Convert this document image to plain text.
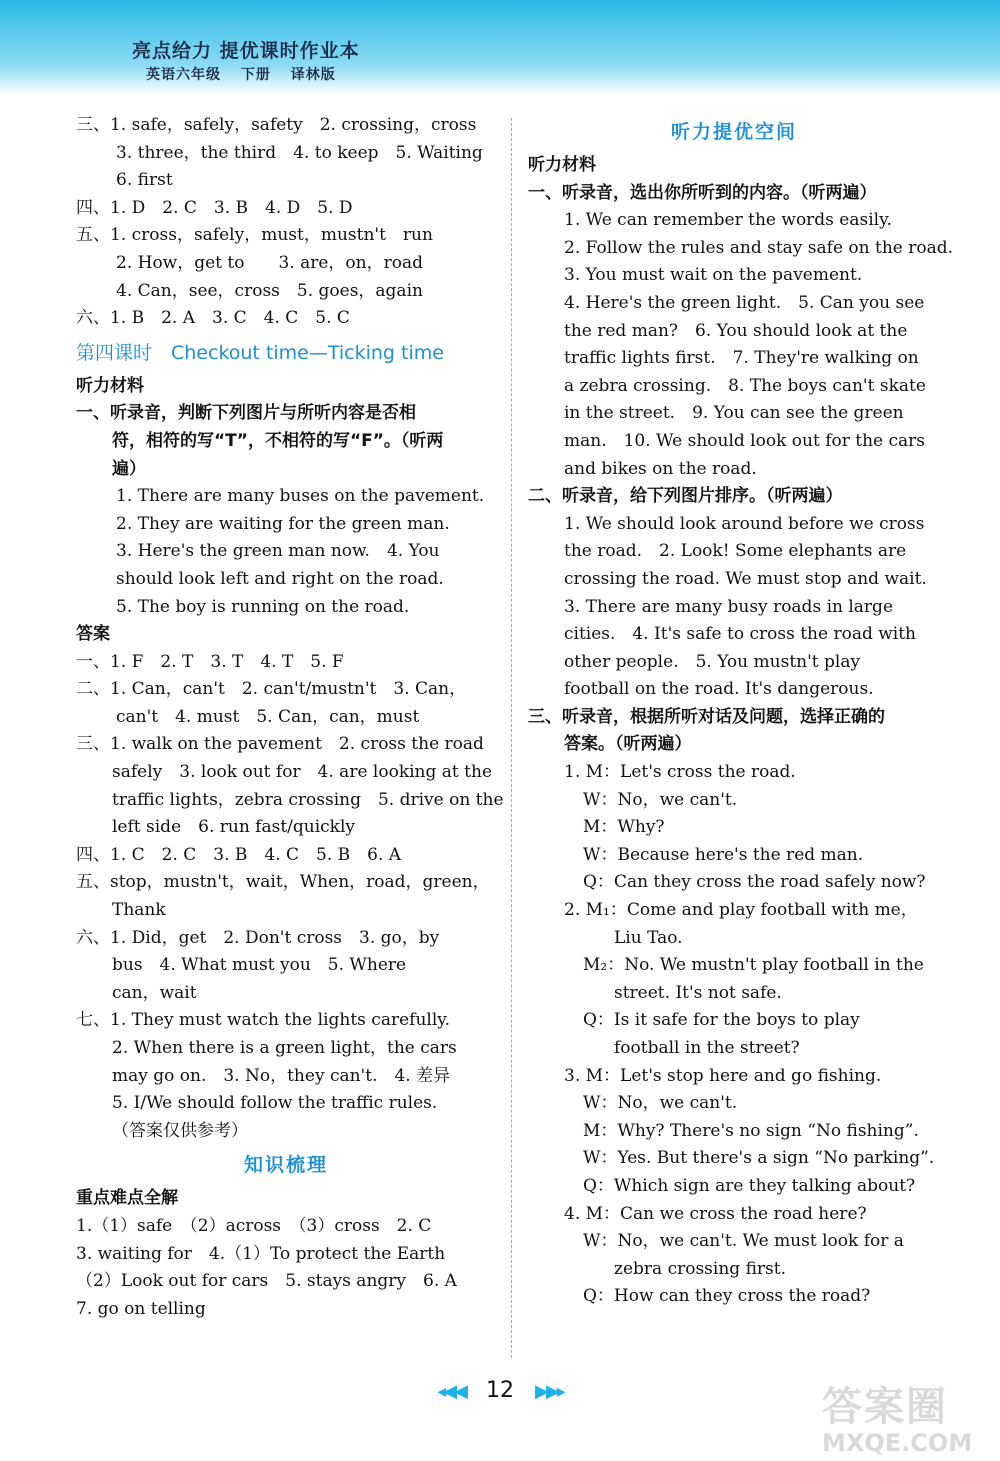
亮点给力 提优课时作业本
英语六年级 下册 译林版
三、1. safe，safely，safety　2. crossing，cross
3. three，the third　4. to keep　5. Waiting
6. first
四、1. D　2. C　3. B　4. D　5. D
五、1. cross，safely，must，mustn't　run
2. How，get to　　3. are，on，road
4. Can，see，cross　5. goes，again
六、1. B　2. A　3. C　4. C　5. C
第四课时　Checkout time—Ticking time
听力材料
一、听录音，判断下列图片与所听内容是否相
符，相符的写“T”，不相符的写“F”。（听两
遍）
1. There are many buses on the pavement.
2. They are waiting for the green man.
3. Here's the green man now.　4. You
should look left and right on the road.
5. The boy is running on the road.
答案
一、1. F　2. T　3. T　4. T　5. F
二、1. Can，can't　2. can't/mustn't　3. Can，
can't　4. must　5. Can，can，must
三、1. walk on the pavement　2. cross the road
safely　3. look out for　4. are looking at the
traffic lights，zebra crossing　5. drive on the
left side　6. run fast/quickly
四、1. C　2. C　3. B　4. C　5. B　6. A
五、stop，mustn't，wait，When，road，green，
Thank
六、1. Did，get　2. Don't cross　3. go，by
bus　4. What must you　5. Where
can，wait
七、1. They must watch the lights carefully.
2. When there is a green light，the cars
may go on.　3. No，they can't.　4. 差异
5. I/We should follow the traffic rules.
（答案仅供参考）
知识梳理
重点难点全解
1.（1）safe　（2）across　（3）cross　2. C
3. waiting for　4.（1）To protect the Earth
（2）Look out for cars　5. stays angry　6. A
7. go on telling
听力提优空间
听力材料
一、听录音，选出你所听到的内容。（听两遍）
1. We can remember the words easily.
2. Follow the rules and stay safe on the road.
3. You must wait on the pavement.
4. Here's the green light.　5. Can you see
the red man?　6. You should look at the
traffic lights first.　7. They're walking on
a zebra crossing.　8. The boys can't skate
in the street.　9. You can see the green
man.　10. We should look out for the cars
and bikes on the road.
二、听录音，给下列图片排序。（听两遍）
1. We should look around before we cross
the road.　2. Look! Some elephants are
crossing the road. We must stop and wait.
3. There are many busy roads in large
cities.　4. It's safe to cross the road with
other people.　5. You mustn't play
football on the road. It's dangerous.
三、听录音，根据所听对话及问题，选择正确的
答案。（听两遍）
1. M：Let's cross the road.
W：No，we can't.
M：Why?
W：Because here's the red man.
Q：Can they cross the road safely now?
2. M₁：Come and play football with me，
Liu Tao.
M₂：No. We mustn't play football in the
street. It's not safe.
Q：Is it safe for the boys to play
football in the street?
3. M：Let's stop here and go fishing.
W：No，we can't.
M：Why? There's no sign “No fishing”.
W：Yes. But there's a sign “No parking”.
Q：Which sign are they talking about?
4. M：Can we cross the road here?
W：No，we can't. We must look for a
zebra crossing first.
Q：How can they cross the road?
◂◀◀ 12 ▶▶▸	答案圈
MXQE.COM
